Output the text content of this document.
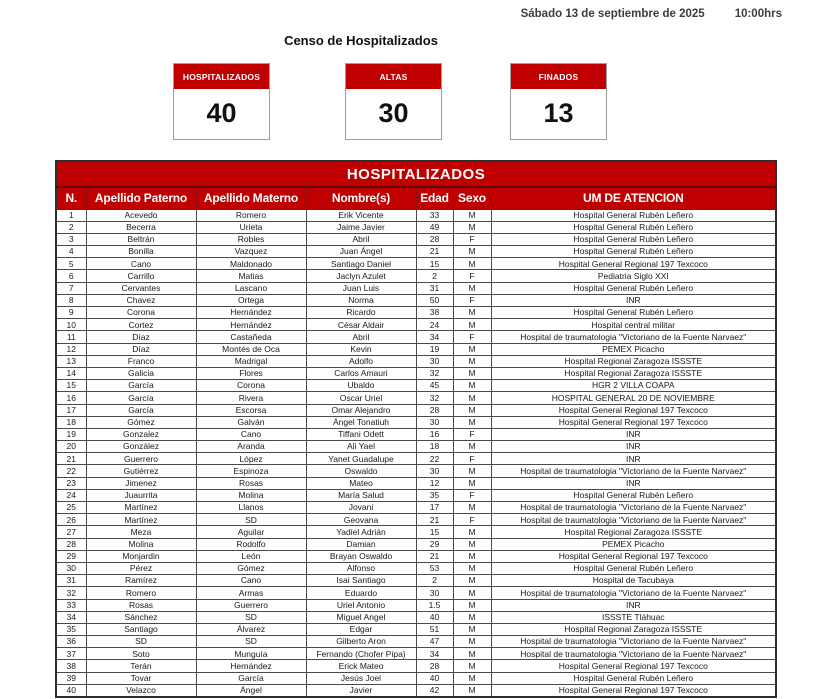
Sábado 13 de septiembre de 2025	10:00hrs
Censo de Hospitalizados
HOSPITALIZADOS
40
ALTAS
30
FINADOS
13
HOSPITALIZADOS						
N.	Apellido Paterno	Apellido Materno	Nombre(s)	Edad	Sexo	UM DE ATENCION
1	Acevedo	Romero	Erik Vicente	33	M	Hospital General Rubén Leñero
2	Becerra	Urieta	Jaime Javier	49	M	Hospital General Rubén Leñero
3	Beltrán	Robles	Abril	28	F	Hospital General Rubén Leñero
4	Bonilla	Vazquez	Juan Ángel	21	M	Hospital General Rubén Leñero
5	Cano	Maldonado	Santiago Daniel	15	M	Hospital General Regional 197 Texcoco
6	Carrillo	Matias	Jaclyn Azulet	2	F	Pediatria Siglo XXI
7	Cervantes	Lascano	Juan Luis	31	M	Hospital General Rubén Leñero
8	Chavez	Ortega	Norma	50	F	INR
9	Corona	Hernández	Ricardo	38	M	Hospital General Rubén Leñero
10	Cortez	Hernández	César Aldair	24	M	Hospital central militar
11	Díaz	Castañeda	Abril	34	F	Hospital de traumatologia "Victoriano de la Fuente Narvaez"
12	Díaz	Montés de Oca	Kevin	19	M	PEMEX Picacho
13	Franco	Madrigal	Adolfo	30	M	Hospital Regional Zaragoza ISSSTE
14	Galicia	Flores	Carlos Amauri	32	M	Hospital Regional Zaragoza ISSSTE
15	García	Corona	Ubaldo	45	M	HGR 2 VILLA COAPA
16	García	Rivera	Oscar Uriel	32	M	HOSPITAL GENERAL 20 DE NOVIEMBRE
17	García	Escorsa	Omar Alejandro	28	M	Hospital General Regional 197 Texcoco
18	Gómez	Galván	Ángel Tonatiuh	30	M	Hospital General Regional 197 Texcoco
19	Gonzalez	Cano	Tiffani Odett	16	F	INR
20	González	Aranda	Ali Yael	18	M	INR
21	Guerrero	López	Yanet Guadalupe	22	F	INR
22	Gutiérrez	Espinoza	Oswaldo	30	M	Hospital de traumatologia "Victoriano de la Fuente Narvaez"
23	Jimenez	Rosas	Mateo	12	M	INR
24	Juaurrita	Molina	María Salud	35	F	Hospital General Rubén Leñero
25	Martínez	Llanos	Jovani	17	M	Hospital de traumatologia "Victoriano de la Fuente Narvaez"
26	Martínez	SD	Geovana	21	F	Hospital de traumatologia "Victoriano de la Fuente Narvaez"
27	Meza	Aguilar	Yadiel Adrián	15	M	Hospital Regional Zaragoza ISSSTE
28	Molina	Rodolfo	Damian	29	M	PEMEX Picacho
29	Monjardin	León	Brayan Oswaldo	21	M	Hospital General Regional 197 Texcoco
30	Pérez	Gómez	Alfonso	53	M	Hospital General Rubén Leñero
31	Ramírez	Cano	Isai Santiago	2	M	Hospital de Tacubaya
32	Romero	Armas	Eduardo	30	M	Hospital de traumatologia "Victoriano de la Fuente Narvaez"
33	Rosas	Guerrero	Uriel Antonio	1.5	M	INR
34	Sánchez	SD	Miguel Angel	40	M	ISSSTE Tláhuac
35	Santiago	Álvarez	Edgar	51	M	Hospital Regional Zaragoza ISSSTE
36	SD	SD	Gilberto Aron	47	M	Hospital de traumatologia "Victoriano de la Fuente Narvaez"
37	Soto	Munguía	Fernando (Chofer Pipa)	34	M	Hospital de traumatologia "Victoriano de la Fuente Narvaez"
38	Terán	Hernández	Erick Mateo	28	M	Hospital General Regional 197 Texcoco
39	Tovar	García	Jesús Joel	40	M	Hospital General Rubén Leñero
40	Velazco	Ángel	Javier	42	M	Hospital General Regional 197 Texcoco
